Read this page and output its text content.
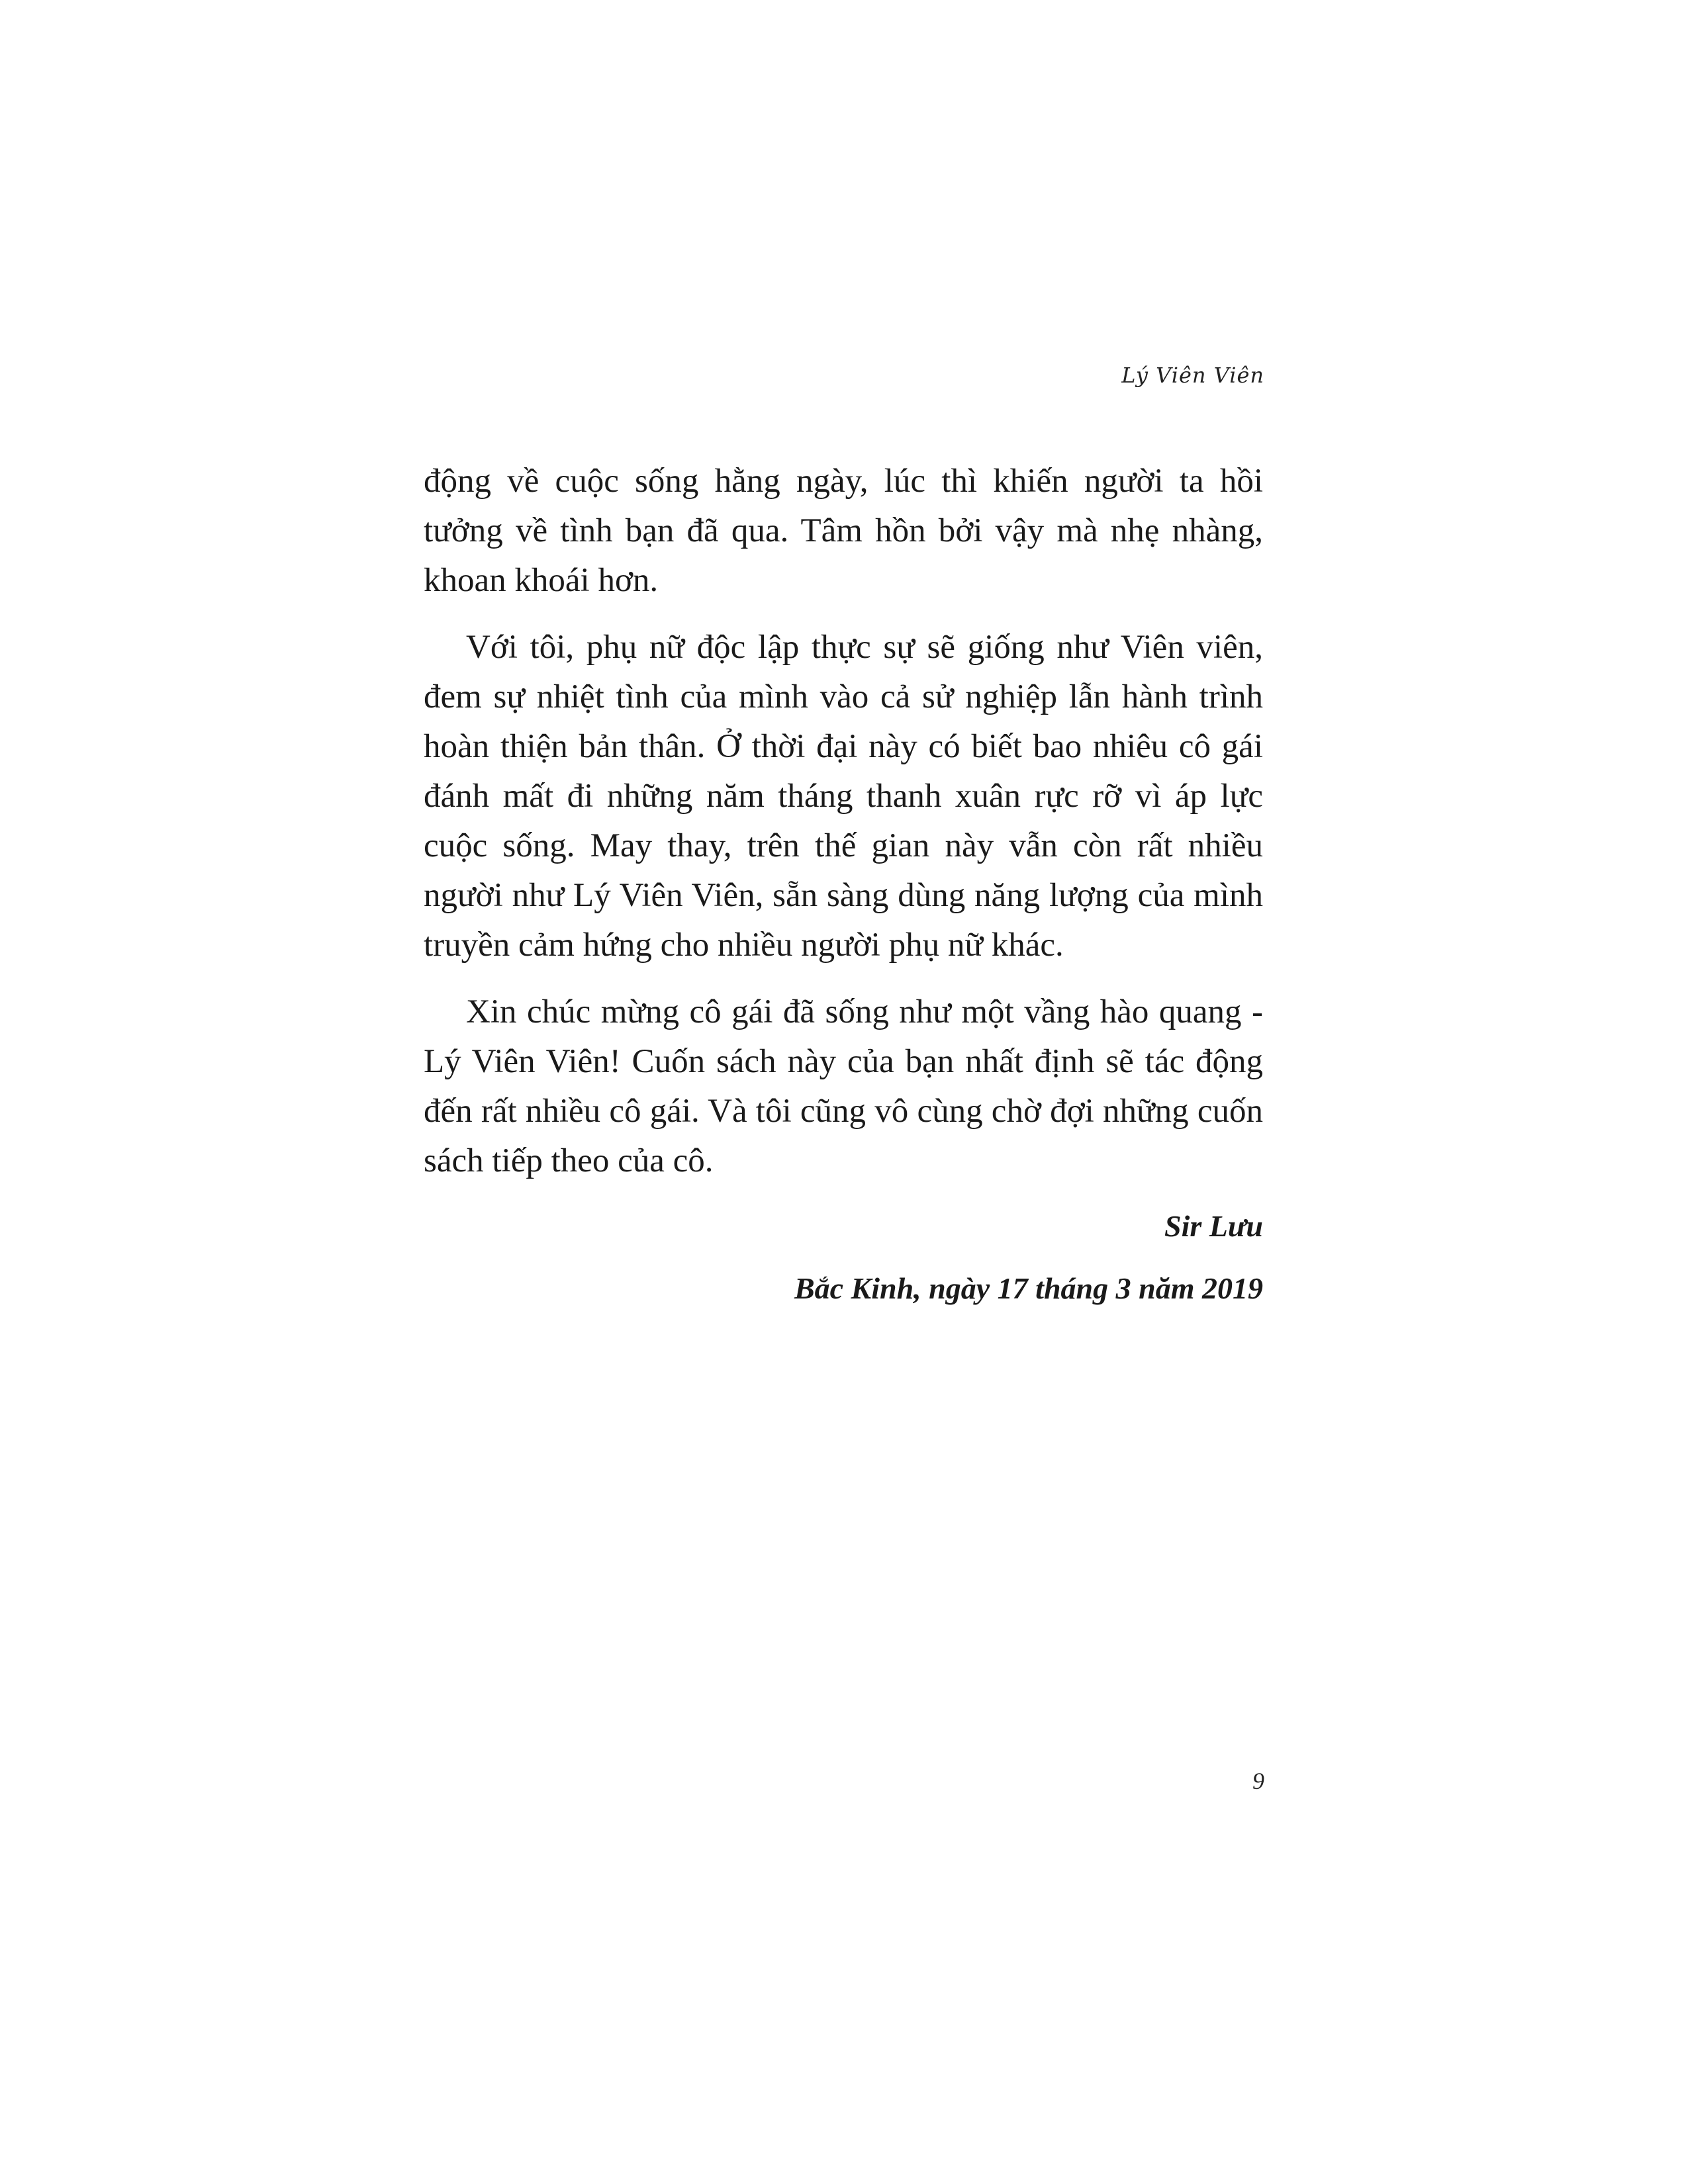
Lý Viên Viên

động về cuộc sống hằng ngày, lúc thì khiến người ta hồi tưởng về tình bạn đã qua. Tâm hồn bởi vậy mà nhẹ nhàng, khoan khoái hơn.

Với tôi, phụ nữ độc lập thực sự sẽ giống như Viên viên, đem sự nhiệt tình của mình vào cả sử nghiệp lẫn hành trình hoàn thiện bản thân. Ở thời đại này có biết bao nhiêu cô gái đánh mất đi những năm tháng thanh xuân rực rỡ vì áp lực cuộc sống. May thay, trên thế gian này vẫn còn rất nhiều người như Lý Viên Viên, sẵn sàng dùng năng lượng của mình truyền cảm hứng cho nhiều người phụ nữ khác.

Xin chúc mừng cô gái đã sống như một vầng hào quang - Lý Viên Viên! Cuốn sách này của bạn nhất định sẽ tác động đến rất nhiều cô gái. Và tôi cũng vô cùng chờ đợi những cuốn sách tiếp theo của cô.

Sir Lưu

Bắc Kinh, ngày 17 tháng 3 năm 2019

9
